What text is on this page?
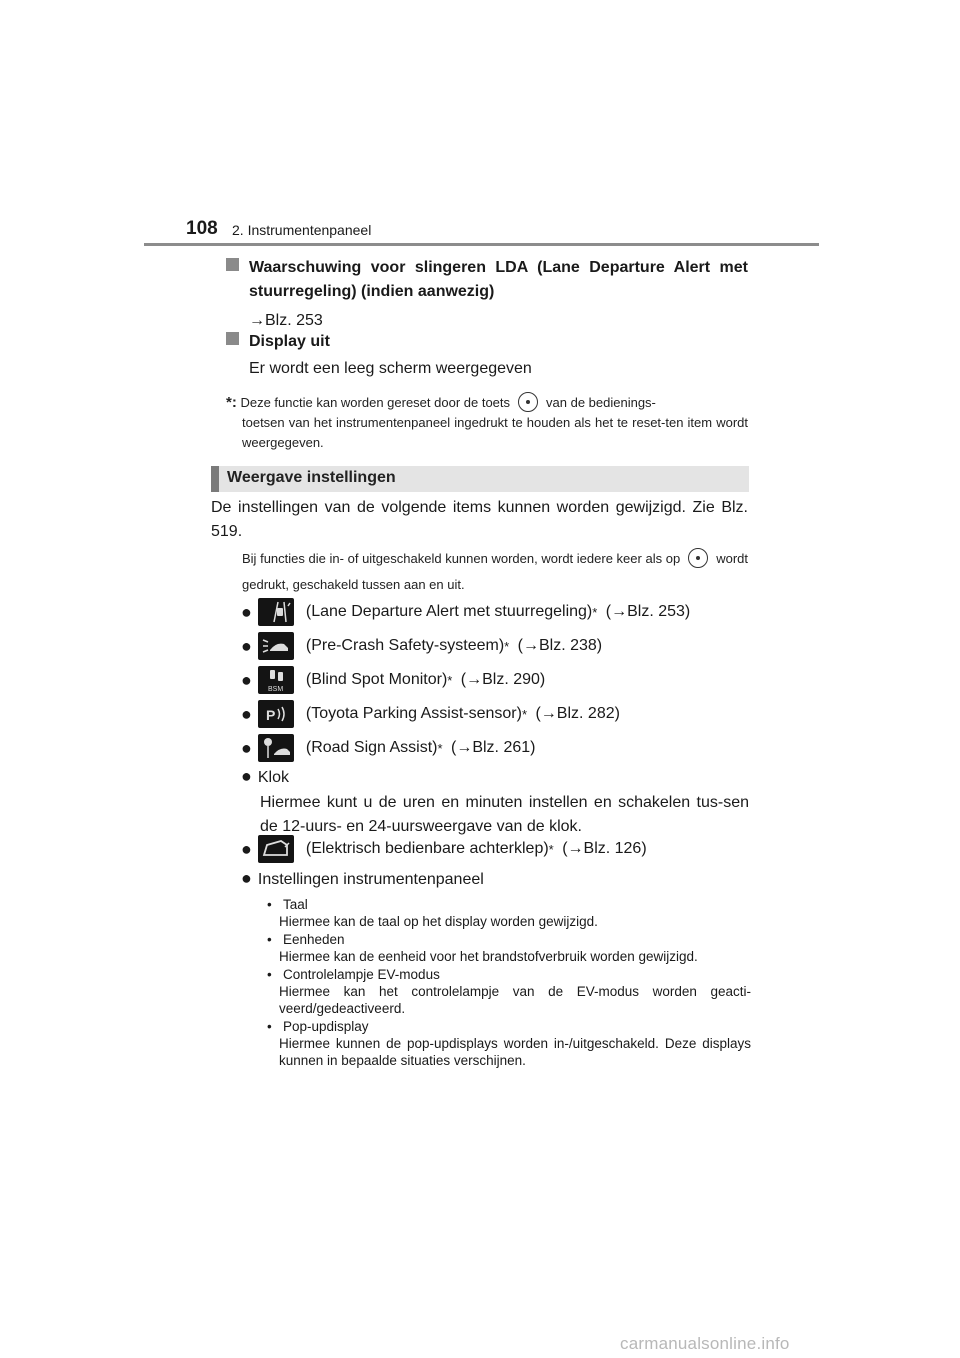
108 2. Instrumentenpaneel
Waarschuwing voor slingeren LDA (Lane Departure Alert met stuurregeling) (indien aanwezig)
→Blz. 253
Display uit
Er wordt een leeg scherm weergegeven
*: Deze functie kan worden gereset door de toets	van de bedienings-
toetsen van het instrumentenpaneel ingedrukt te houden als het te reset-ten item wordt weergegeven.
Weergave instellingen
De instellingen van de volgende items kunnen worden gewijzigd. Zie Blz. 519.
Bij functies die in- of uitgeschakeld kunnen worden, wordt iedere keer als op	wordt gedrukt, geschakeld tussen aan en uit.
●	(Lane Departure Alert met stuurregeling) *
(→Blz. 253)
●	(Pre-Crash Safety-systeem) *
(→Blz. 238)
● BSM
(Blind Spot Monitor) *
(→Blz. 290)
● P (Toyota Parking Assist-sensor) *
(→Blz. 282)
●	(Road Sign Assist) *
(→Blz. 261)
● Klok
Hiermee kunt u de uren en minuten instellen en schakelen tus-sen de 12-uurs- en 24-uursweergave van de klok.
●	(Elektrisch bedienbare achterklep) *
(→Blz. 126)
● Instellingen instrumentenpaneel
• Taal
Hiermee kan de taal op het display worden gewijzigd.
• Eenheden
Hiermee kan de eenheid voor het brandstofverbruik worden gewijzigd.
• Controlelampje EV-modus
Hiermee kan het controlelampje van de EV-modus worden geacti-veerd/gedeactiveerd.
• Pop-updisplay
Hiermee kunnen de pop-updisplays worden in-/uitgeschakeld. Deze displays kunnen in bepaalde situaties verschijnen.
carmanualsonline.info
